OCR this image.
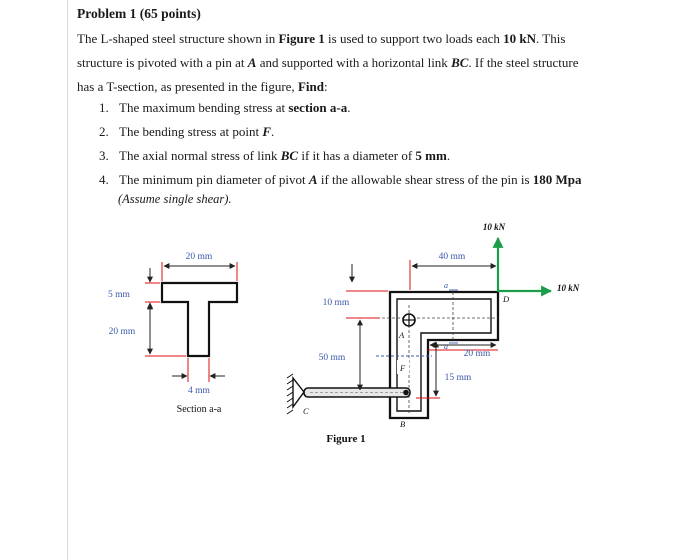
Problem 1 (65 points)

The L-shaped steel structure shown in Figure 1 is used to support two loads each 10 kN. This

structure is pivoted with a pin at A and supported with a horizontal link BC. If the steel structure

has a T-section, as presented in the figure, Find:

1. The maximum bending stress at section a-a.
2. The bending stress at point F.
3. The axial normal stress of link BC if it has a diameter of 5 mm.
4. The minimum pin diameter of pivot A if the allowable shear stress of the pin is 180 Mpa
(Assume single shear).
20 mm
5 mm
20 mm
4 mm
Section a-a
A
B
C
D
F
a
a
10 kN
10 kN
40 mm
10 mm
50 mm	20 mm
15 mm
Figure 1
